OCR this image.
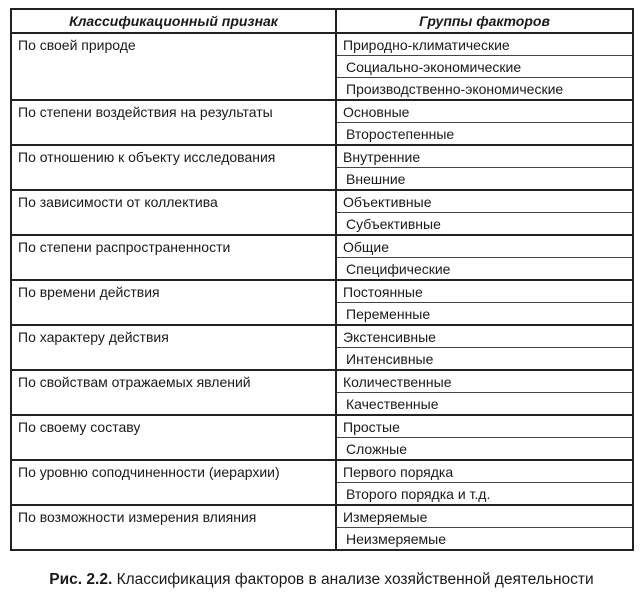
Классификационный признак	Группы факторов
По своей природе	Природно-климатические
	Социально-экономические
	Производственно-экономические
По степени воздействия на результаты	Основные
	Второстепенные
По отношению к объекту исследования	Внутренние
	Внешние
По зависимости от коллектива	Объективные
	Субъективные
По степени распространенности	Общие
	Специфические
По времени действия	Постоянные
	Переменные
По характеру действия	Экстенсивные
	Интенсивные
По свойствам отражаемых явлений	Количественные
	Качественные
По своему составу	Простые
	Сложные
По уровню соподчиненности (иерархии)	Первого порядка
	Второго порядка и т.д.
По возможности измерения влияния	Измеряемые
	Неизмеряемые
Рис. 2.2. Классификация факторов в анализе хозяйственной деятельности
